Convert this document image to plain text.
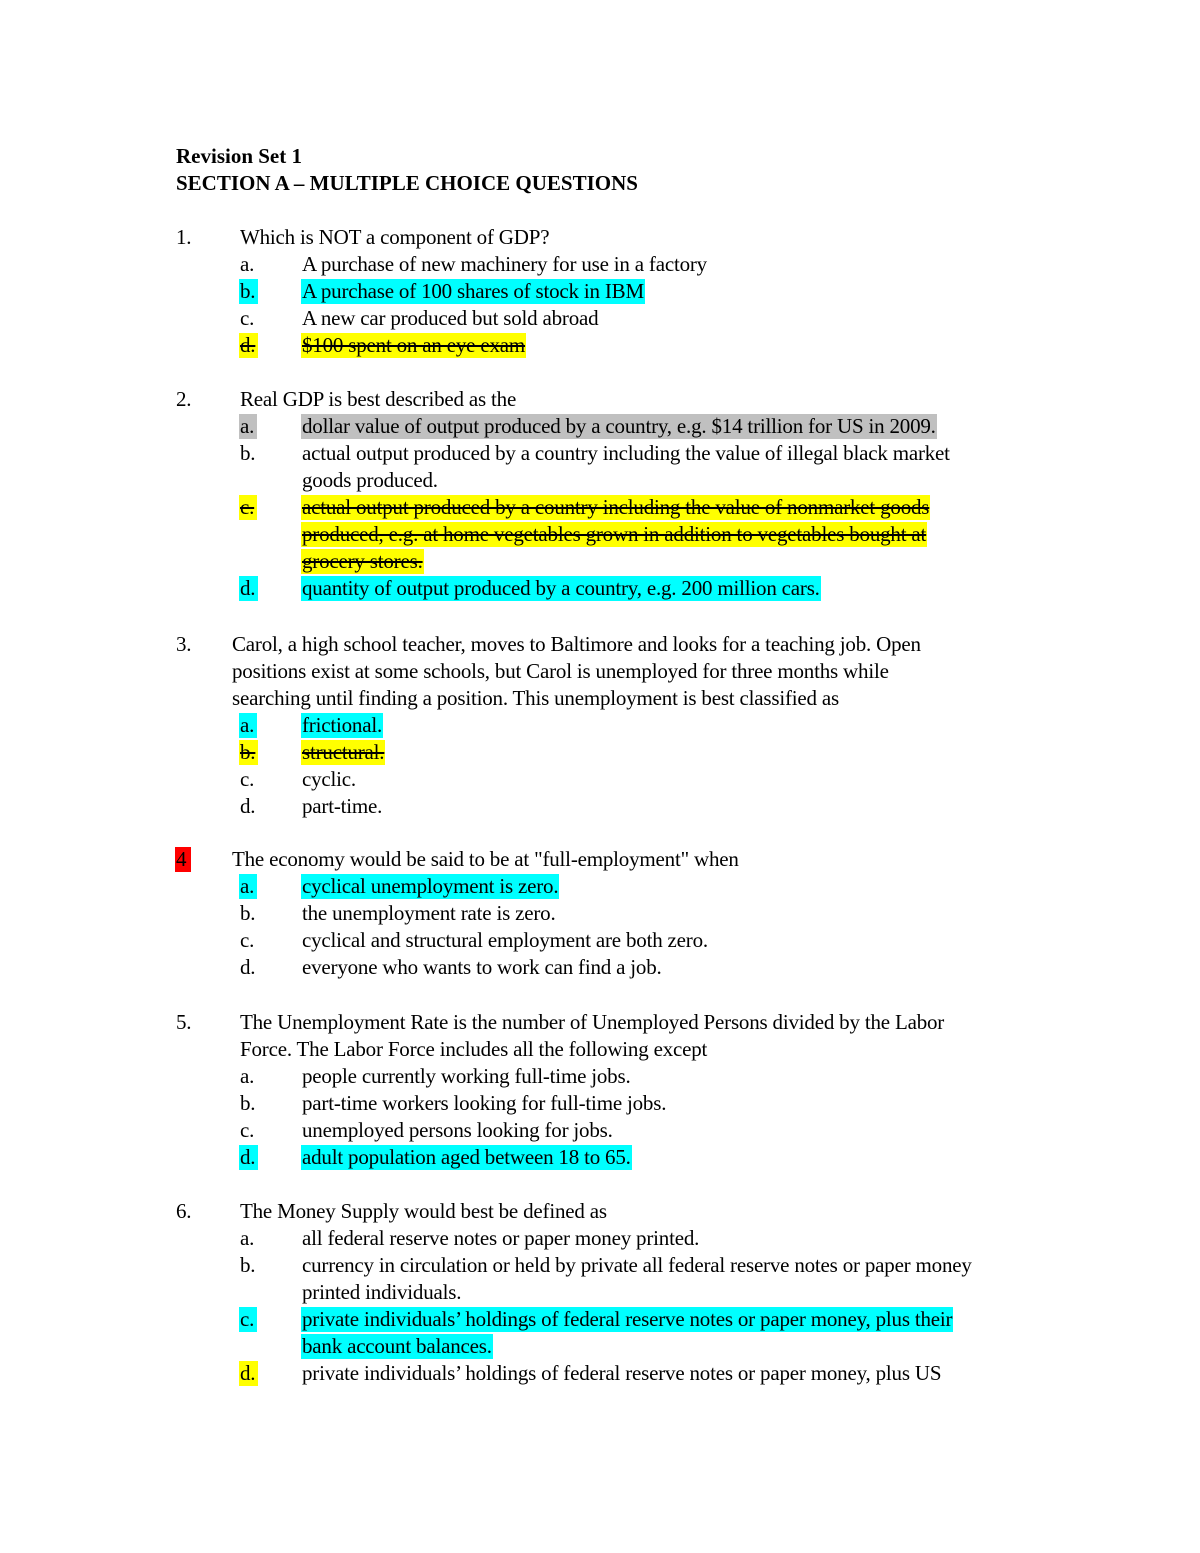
Revision Set 1
SECTION A – MULTIPLE CHOICE QUESTIONS
1. Which is NOT a component of GDP?
a. A purchase of new machinery for use in a factory
b. A purchase of 100 shares of stock in IBM
c. A new car produced but sold abroad
d. $100 spent on an eye exam
2. Real GDP is best described as the
a. dollar value of output produced by a country, e.g. $14 trillion for US in 2009.
b. actual output produced by a country including the value of illegal black market
goods produced.
c. actual output produced by a country including the value of nonmarket goods
produced, e.g. at home vegetables grown in addition to vegetables bought at
grocery stores.
d. quantity of output produced by a country, e.g. 200 million cars.
3. Carol, a high school teacher, moves to Baltimore and looks for a teaching job. Open
positions exist at some schools, but Carol is unemployed for three months while
searching until finding a position. This unemployment is best classified as
a. frictional.
b. structural.
c. cyclic.
d. part-time.
4 The economy would be said to be at "full-employment" when
a. cyclical unemployment is zero.
b. the unemployment rate is zero.
c. cyclical and structural employment are both zero.
d. everyone who wants to work can find a job.
5. The Unemployment Rate is the number of Unemployed Persons divided by the Labor
Force. The Labor Force includes all the following except
a. people currently working full-time jobs.
b. part-time workers looking for full-time jobs.
c. unemployed persons looking for jobs.
d. adult population aged between 18 to 65.
6. The Money Supply would best be defined as
a. all federal reserve notes or paper money printed.
b. currency in circulation or held by private all federal reserve notes or paper money
printed individuals.
c. private individuals’ holdings of federal reserve notes or paper money, plus their
bank account balances.
d. private individuals’ holdings of federal reserve notes or paper money, plus US
